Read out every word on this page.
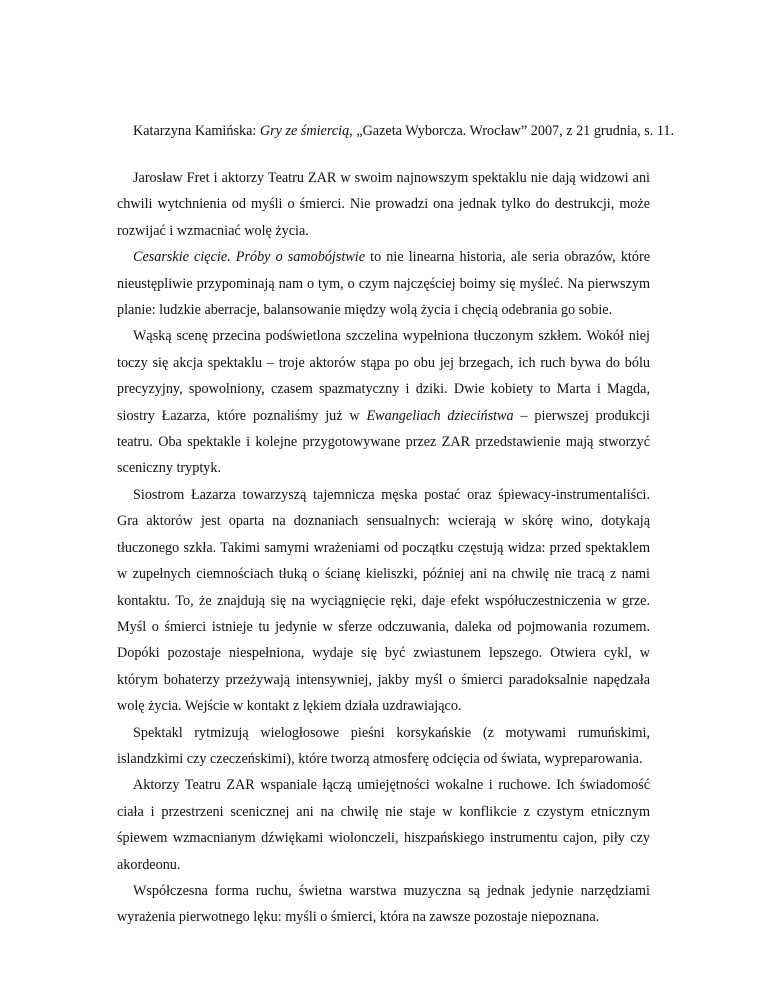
Katarzyna Kamińska: Gry ze śmiercią, „Gazeta Wyborcza. Wrocław” 2007, z 21 grudnia, s. 11.

Jarosław Fret i aktorzy Teatru ZAR w swoim najnowszym spektaklu nie dają widzowi ani chwili wytchnienia od myśli o śmierci. Nie prowadzi ona jednak tylko do destrukcji, może rozwijać i wzmacniać wolę życia.

Cesarskie cięcie. Próby o samobójstwie to nie linearna historia, ale seria obrazów, które nieustępliwie przypominają nam o tym, o czym najczęściej boimy się myśleć. Na pierwszym planie: ludzkie aberracje, balansowanie między wolą życia i chęcią odebrania go sobie.

Wąską scenę przecina podświetlona szczelina wypełniona tłuczonym szkłem. Wokół niej toczy się akcja spektaklu – troje aktorów stąpa po obu jej brzegach, ich ruch bywa do bólu precyzyjny, spowolniony, czasem spazmatyczny i dziki. Dwie kobiety to Marta i Magda, siostry Łazarza, które poznaliśmy już w Ewangeliach dzieciństwa – pierwszej produkcji teatru. Oba spektakle i kolejne przygotowywane przez ZAR przedstawienie mają stworzyć sceniczny tryptyk.

Siostrom Łazarza towarzyszą tajemnicza męska postać oraz śpiewacy-instrumentaliści. Gra aktorów jest oparta na doznaniach sensualnych: wcierają w skórę wino, dotykają tłuczonego szkła. Takimi samymi wrażeniami od początku częstują widza: przed spektaklem w zupełnych ciemnościach tłuką o ścianę kieliszki, później ani na chwilę nie tracą z nami kontaktu. To, że znajdują się na wyciągnięcie ręki, daje efekt współuczestniczenia w grze. Myśl o śmierci istnieje tu jedynie w sferze odczuwania, daleka od pojmowania rozumem. Dopóki pozostaje niespełniona, wydaje się być zwiastunem lepszego. Otwiera cykl, w którym bohaterzy przeżywają intensywniej, jakby myśl o śmierci paradoksalnie napędzała wolę życia. Wejście w kontakt z lękiem działa uzdrawiająco.

Spektakl rytmizują wielogłosowe pieśni korsykańskie (z motywami rumuńskimi, islandzkimi czy czeczeńskimi), które tworzą atmosferę odcięcia od świata, wypreparowania.

Aktorzy Teatru ZAR wspaniale łączą umiejętności wokalne i ruchowe. Ich świadomość ciała i przestrzeni scenicznej ani na chwilę nie staje w konflikcie z czystym etnicznym śpiewem wzmacnianym dźwiękami wiolonczeli, hiszpańskiego instrumentu cajon, piły czy akordeonu.

Współczesna forma ruchu, świetna warstwa muzyczna są jednak jedynie narzędziami wyrażenia pierwotnego lęku: myśli o śmierci, która na zawsze pozostaje niepoznana.
